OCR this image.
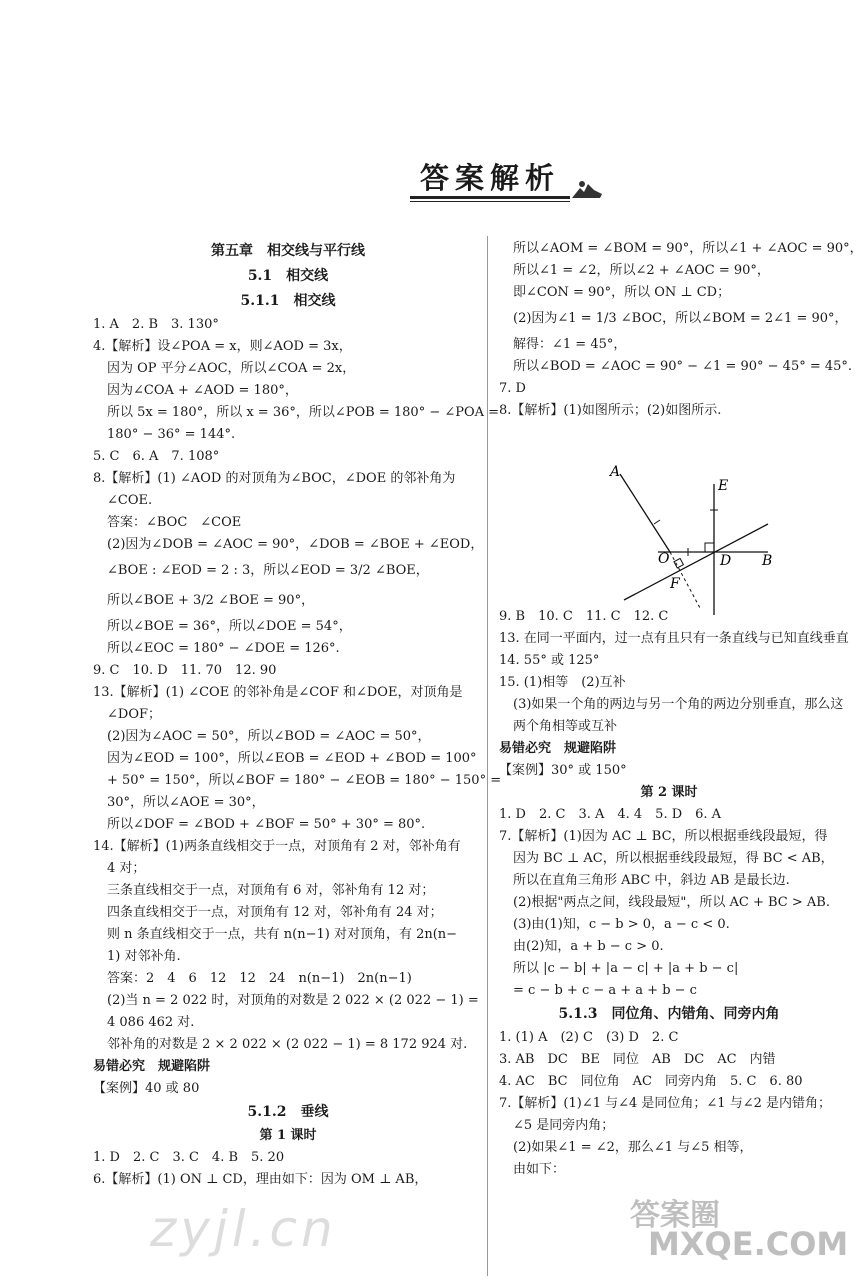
答案解析
第五章　相交线与平行线
5.1　相交线
5.1.1　相交线
1. A　2. B　3. 130°
4.【解析】设∠POA = x，则∠AOD = 3x，
因为 OP 平分∠AOC，所以∠COA = 2x，
因为∠COA + ∠AOD = 180°，
所以 5x = 180°，所以 x = 36°，所以∠POB = 180° − ∠POA =
180° − 36° = 144°.
5. C　6. A　7. 108°
8.【解析】(1) ∠AOD 的对顶角为∠BOC，∠DOE 的邻补角为
∠COE.
答案：∠BOC　∠COE
(2)因为∠DOB = ∠AOC = 90°，∠DOB = ∠BOE + ∠EOD，
∠BOE : ∠EOD = 2 : 3，所以∠EOD = 3/2 ∠BOE，
所以∠BOE + 3/2 ∠BOE = 90°，
所以∠BOE = 36°，所以∠DOE = 54°，
所以∠EOC = 180° − ∠DOE = 126°.
9. C　10. D　11. 70　12. 90
13.【解析】(1) ∠COE 的邻补角是∠COF 和∠DOE，对顶角是
∠DOF；
(2)因为∠AOC = 50°，所以∠BOD = ∠AOC = 50°，
因为∠EOD = 100°，所以∠EOB = ∠EOD + ∠BOD = 100°
+ 50° = 150°，所以∠BOF = 180° − ∠EOB = 180° − 150° =
30°，所以∠AOE = 30°，
所以∠DOF = ∠BOD + ∠BOF = 50° + 30° = 80°.
14.【解析】(1)两条直线相交于一点，对顶角有 2 对，邻补角有
4 对；
三条直线相交于一点，对顶角有 6 对，邻补角有 12 对；
四条直线相交于一点，对顶角有 12 对，邻补角有 24 对；
则 n 条直线相交于一点，共有 n(n−1) 对对顶角，有 2n(n−
1) 对邻补角.
答案：2　4　6　12　12　24　n(n−1)　2n(n−1)
(2)当 n = 2 022 时，对顶角的对数是 2 022 × (2 022 − 1) =
4 086 462 对.
邻补角的对数是 2 × 2 022 × (2 022 − 1) = 8 172 924 对.
易错必究　规避陷阱
【案例】40 或 80
5.1.2　垂线
第 1 课时
1. D　2. C　3. C　4. B　5. 20
6.【解析】(1) ON ⊥ CD，理由如下：因为 OM ⊥ AB，
所以∠AOM = ∠BOM = 90°，所以∠1 + ∠AOC = 90°，
所以∠1 = ∠2，所以∠2 + ∠AOC = 90°，
即∠CON = 90°，所以 ON ⊥ CD；
(2)因为∠1 = 1/3 ∠BOC，所以∠BOM = 2∠1 = 90°，
解得：∠1 = 45°，
所以∠BOD = ∠AOC = 90° − ∠1 = 90° − 45° = 45°.
7. D
8.【解析】(1)如图所示；(2)如图所示.
9. B　10. C　11. C　12. C
13. 在同一平面内，过一点有且只有一条直线与已知直线垂直
14. 55° 或 125°
15. (1)相等　(2)互补
(3)如果一个角的两边与另一个角的两边分别垂直，那么这
两个角相等或互补
易错必究　规避陷阱
【案例】30° 或 150°
第 2 课时
1. D　2. C　3. A　4. 4　5. D　6. A
7.【解析】(1)因为 AC ⊥ BC，所以根据垂线段最短，得
因为 BC ⊥ AC，所以根据垂线段最短，得 BC < AB，
所以在直角三角形 ABC 中，斜边 AB 是最长边.
(2)根据"两点之间，线段最短"，所以 AC + BC > AB.
(3)由(1)知，c − b > 0，a − c < 0.
由(2)知，a + b − c > 0.
所以 |c − b| + |a − c| + |a + b − c|
= c − b + c − a + a + b − c
5.1.3　同位角、内错角、同旁内角
1. (1) A　(2) C　(3) D　2. C
3. AB　DC　BE　同位　AB　DC　AC　内错
4. AC　BC　同位角　AC　同旁内角　5. C　6. 80
7.【解析】(1)∠1 与∠4 是同位角；∠1 与∠2 是内错角；
∠5 是同旁内角；
(2)如果∠1 = ∠2，那么∠1 与∠5 相等，
由如下：
A
E
O	D B
F
zyjl.cn	答案圈
MXQE.COM
